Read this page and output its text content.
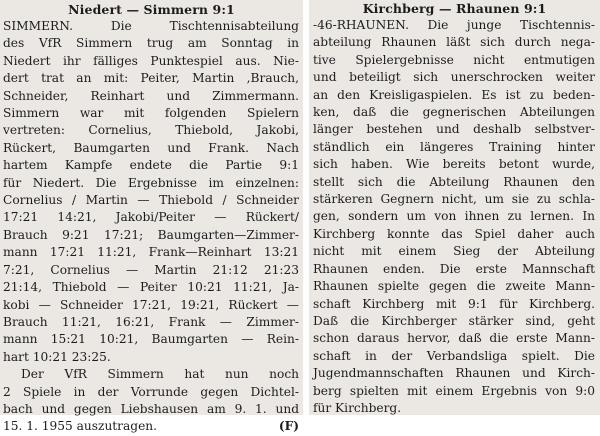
Niedert — Simmern 9:1

SIMMERN. Die Tischtennisabteilung
des VfR Simmern trug am Sonntag in
Niedert ihr fälliges Punktespiel aus. Nie-
dert trat an mit: Peiter, Martin ,Brauch,
Schneider, Reinhart und Zimmermann.
Simmern war mit folgenden Spielern
vertreten: Cornelius, Thiebold, Jakobi,
Rückert, Baumgarten und Frank. Nach
hartem Kampfe endete die Partie 9:1
für Niedert. Die Ergebnisse im einzelnen:
Cornelius / Martin — Thiebold / Schneider
17:21 14:21, Jakobi/Peiter — Rückert/
Brauch 9:21 17:21; Baumgarten—Zimmer-
mann 17:21 11:21, Frank—Reinhart 13:21
7:21, Cornelius — Martin 21:12 21:23
21:14, Thiebold — Peiter 10:21 11:21, Ja-
kobi — Schneider 17:21, 19:21, Rückert —
Brauch 11:21, 16:21, Frank — Zimmer-
mann 15:21 10:21, Baumgarten — Rein-
hart 10:21 23:25.

Der VfR Simmern hat nun noch
2 Spiele in der Vorrunde gegen Dichtel-
bach und gegen Liebshausen am 9. 1. und
15. 1. 1955 auszutragen.	(F)

Kirchberg — Rhaunen 9:1

-46-RHAUNEN. Die junge Tischtennis-
abteilung Rhaunen läßt sich durch nega-
tive Spielergebnisse nicht entmutigen
und beteiligt sich unerschrocken weiter
an den Kreisligaspielen. Es ist zu beden-
ken, daß die gegnerischen Abteilungen
länger bestehen und deshalb selbstver-
ständlich ein längeres Training hinter
sich haben. Wie bereits betont wurde,
stellt sich die Abteilung Rhaunen den
stärkeren Gegnern nicht, um sie zu schla-
gen, sondern um von ihnen zu lernen. In
Kirchberg konnte das Spiel daher auch
nicht mit einem Sieg der Abteilung
Rhaunen enden. Die erste Mannschaft
Rhaunen spielte gegen die zweite Mann-
schaft Kirchberg mit 9:1 für Kirchberg.
Daß die Kirchberger stärker sind, geht
schon daraus hervor, daß die erste Mann-
schaft in der Verbandsliga spielt. Die
Jugendmannschaften Rhaunen und Kirch-
berg spielten mit einem Ergebnis von 9:0
für Kirchberg.
